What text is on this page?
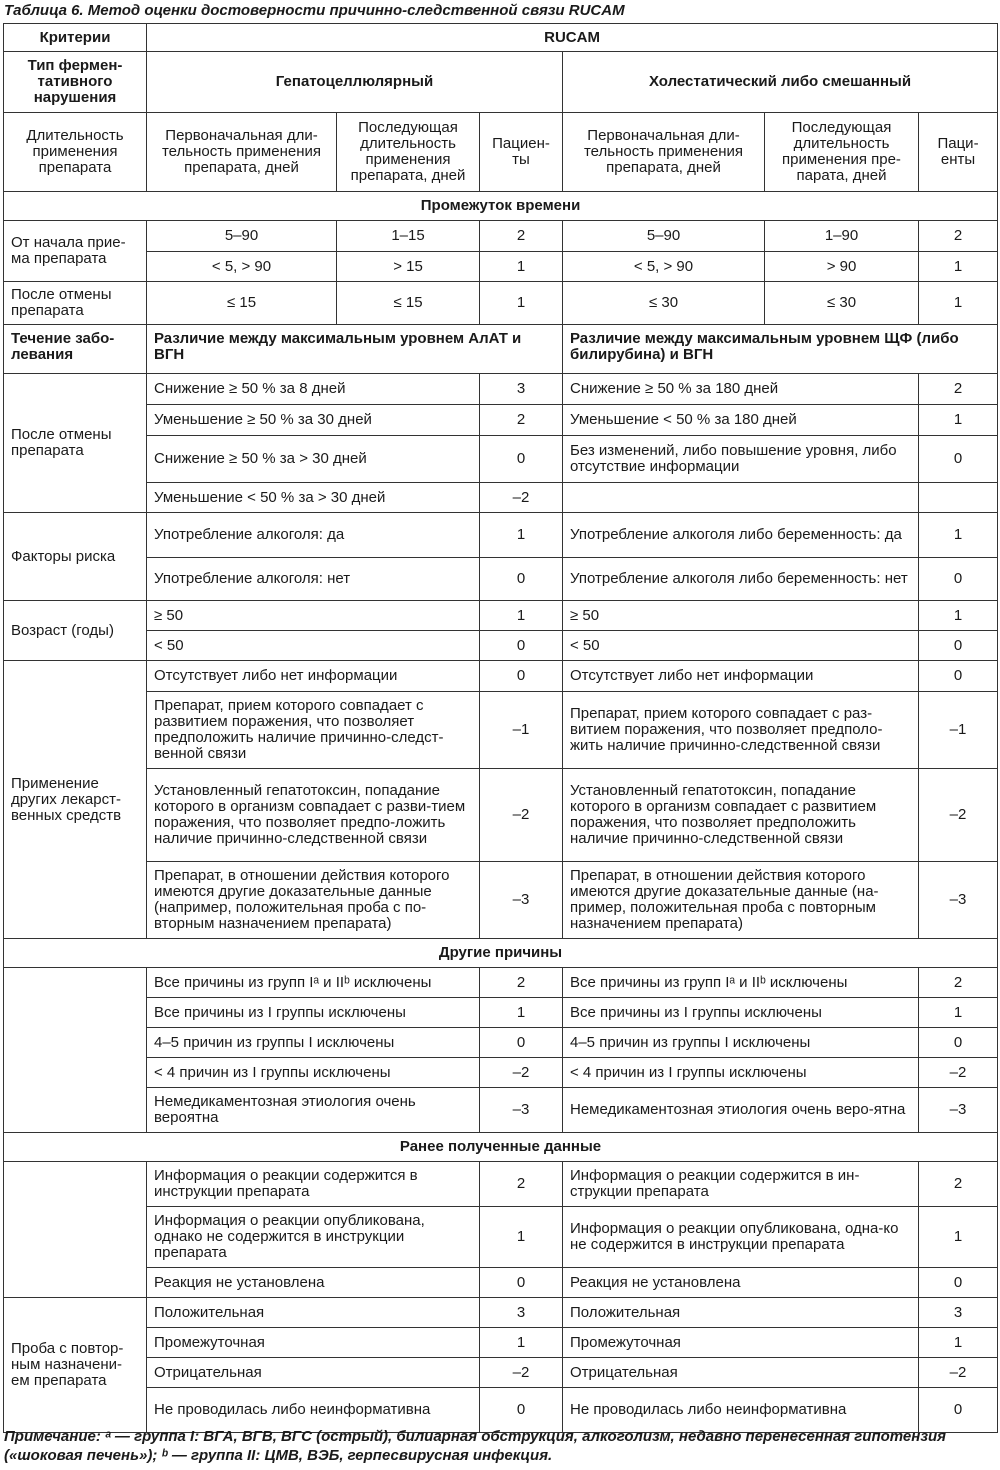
Таблица 6. Метод оценки достоверности причинно-следственной связи RUCAM
Критерии	RUCAM					
Тип фермен-тативного нарушения	Гепатоцеллюлярный			Холестатический либо смешанный		
Длительность применения препарата	Первоначальная дли-тельность применения препарата, дней	Последующая длительность применения препарата, дней	Пациен-ты	Первоначальная дли-тельность применения препарата, дней	Последующая длительность применения пре-парата, дней	Паци-енты
Промежуток времени						
От начала прие-ма препарата	5–90	1–15	2	5–90	1–90	2
	< 5, > 90	> 15	1	< 5, > 90	> 90	1
После отмены препарата	≤ 15	≤ 15	1	≤ 30	≤ 30	1
Течение забо-левания	Различие между максимальным уровнем АлАТ и ВГН			Различие между максимальным уровнем ЩФ (либо билирубина) и ВГН		
После отмены препарата	Снижение ≥ 50 % за 8 дней		3	Снижение ≥ 50 % за 180 дней		2
	Уменьшение ≥ 50 % за 30 дней		2	Уменьшение < 50 % за 180 дней		1
	Снижение ≥ 50 % за > 30 дней		0	Без изменений, либо повышение уровня, либо отсутствие информации		0
	Уменьшение < 50 % за > 30 дней		–2			
Факторы риска	Употребление алкоголя: да		1	Употребление алкоголя либо беременность: да		1
	Употребление алкоголя: нет		0	Употребление алкоголя либо беременность: нет		0
Возраст (годы)	≥ 50		1	≥ 50		1
	< 50		0	< 50		0
Применение других лекарст-венных средств	Отсутствует либо нет информации		0	Отсутствует либо нет информации		0
	Препарат, прием которого совпадает с развитием поражения, что позволяет предположить наличие причинно-следст-венной связи		–1	Препарат, прием которого совпадает с раз-витием поражения, что позволяет предполо-жить наличие причинно-следственной связи		–1
	Установленный гепатотоксин, попадание которого в организм совпадает с разви-тием поражения, что позволяет предпо-ложить наличие причинно-следственной связи		–2	Установленный гепатотоксин, попадание которого в организм совпадает с развитием поражения, что позволяет предположить наличие причинно-следственной связи		–2
	Препарат, в отношении действия которого имеются другие доказательные данные (например, положительная проба с по-вторным назначением препарата)		–3	Препарат, в отношении действия которого имеются другие доказательные данные (на-пример, положительная проба с повторным назначением препарата)		–3
Другие причины						
	Все причины из групп Iᵃ и IIᵇ исключены		2	Все причины из групп Iᵃ и IIᵇ исключены		2
	Все причины из I группы исключены		1	Все причины из I группы исключены		1
	4–5 причин из группы I исключены		0	4–5 причин из группы I исключены		0
	< 4 причин из I группы исключены		–2	< 4 причин из I группы исключены		–2
	Немедикаментозная этиология очень вероятна		–3	Немедикаментозная этиология очень веро-ятна		–3
Ранее полученные данные						
	Информация о реакции содержится в инструкции препарата		2	Информация о реакции содержится в ин-струкции препарата		2
	Информация о реакции опубликована, однако не содержится в инструкции препарата		1	Информация о реакции опубликована, одна-ко не содержится в инструкции препарата		1
	Реакция не установлена		0	Реакция не установлена		0
Проба с повтор-ным назначени-ем препарата	Положительная		3	Положительная		3
	Промежуточная		1	Промежуточная		1
	Отрицательная		–2	Отрицательная		–2
	Не проводилась либо неинформативна		0	Не проводилась либо неинформативна		0
Примечание: ᵃ — группа I: ВГА, ВГВ, ВГС (острый), билиарная обструкция, алкоголизм, недавно перенесенная гипотензия («шоковая печень»); ᵇ — группа II: ЦМВ, ВЭБ, герпесвирусная инфекция.
